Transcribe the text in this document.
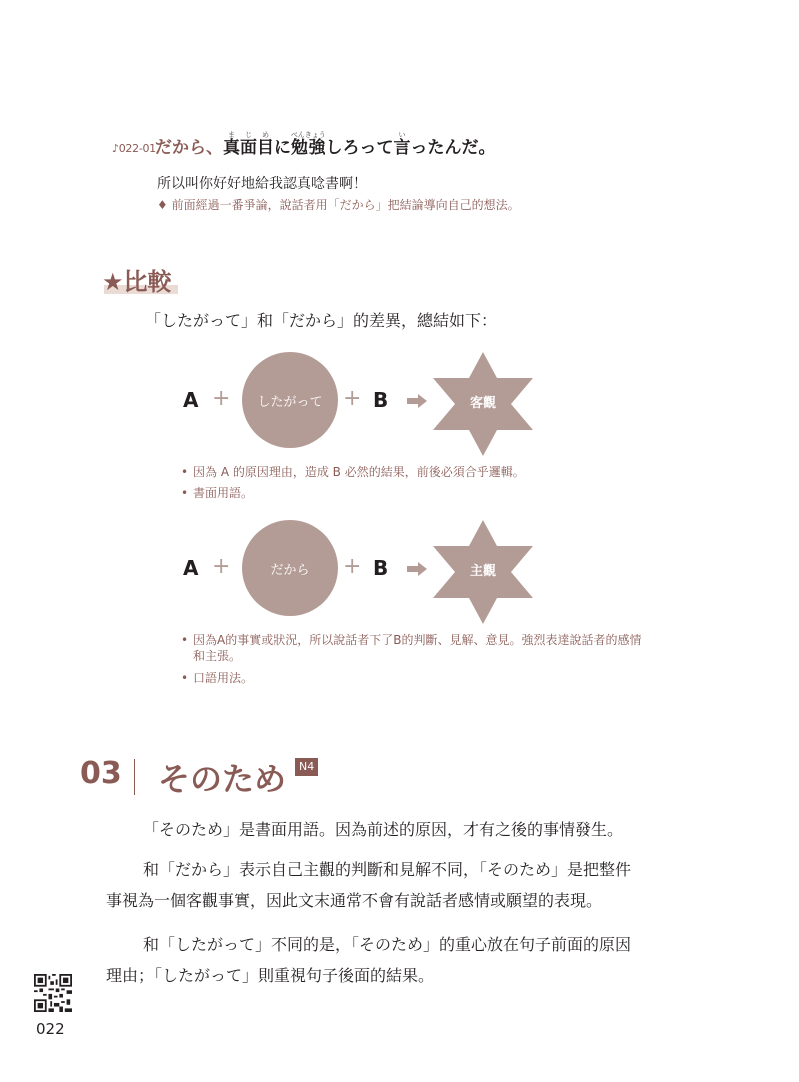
♪022-01 だから、真面目まじめに勉強べんきょうしろって言いったんだ。
所以叫你好好地給我認真唸書啊！
♦ 前面經過一番爭論，說話者用「だから」把結論導向自己的想法。
★比較
「したがって」和「だから」的差異，總結如下：
A +	したがって + B	客觀
• 因為 A 的原因理由，造成 B 必然的結果，前後必須合乎邏輯。
• 書面用語。
A +	だから	+ B	主觀
• 因為A的事實或狀況，所以說話者下了B的判斷、見解、意見。強烈表達說話者的感情
和主張。
• 口語用法。
03 そのため	N4
「そのため」是書面用語。因為前述的原因，才有之後的事情發生。
和「だから」表示自己主觀的判斷和見解不同，「そのため」是把整件
事視為一個客觀事實，因此文末通常不會有說話者感情或願望的表現。
和「したがって」不同的是，「そのため」的重心放在句子前面的原因
理由；「したがって」則重視句子後面的結果。
022
